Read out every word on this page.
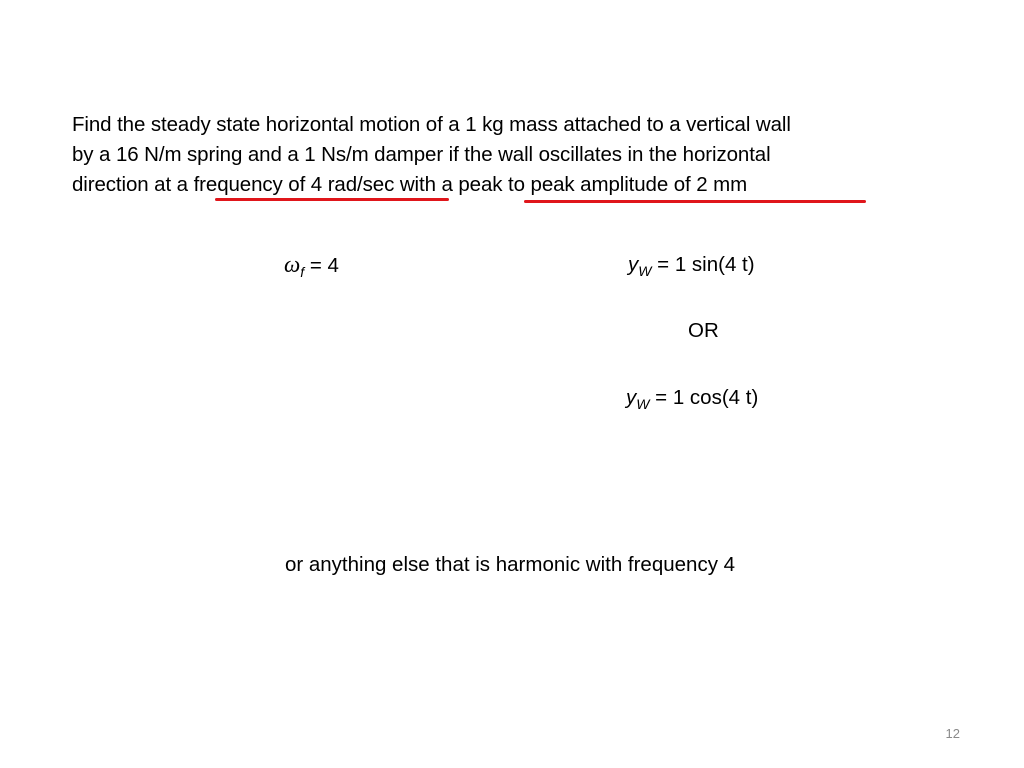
Find the steady state horizontal motion of a 1 kg mass attached to a vertical wall
by a 16 N/m spring and a 1 Ns/m damper if the wall oscillates in the horizontal
direction at a frequency of 4 rad/sec with a peak to peak amplitude of 2 mm
$\omega_f = 4$	$y_W = 1$ sin(4 t)
OR
$y_W = 1$ cos(4 t)
or anything else that is harmonic with frequency 4
12
